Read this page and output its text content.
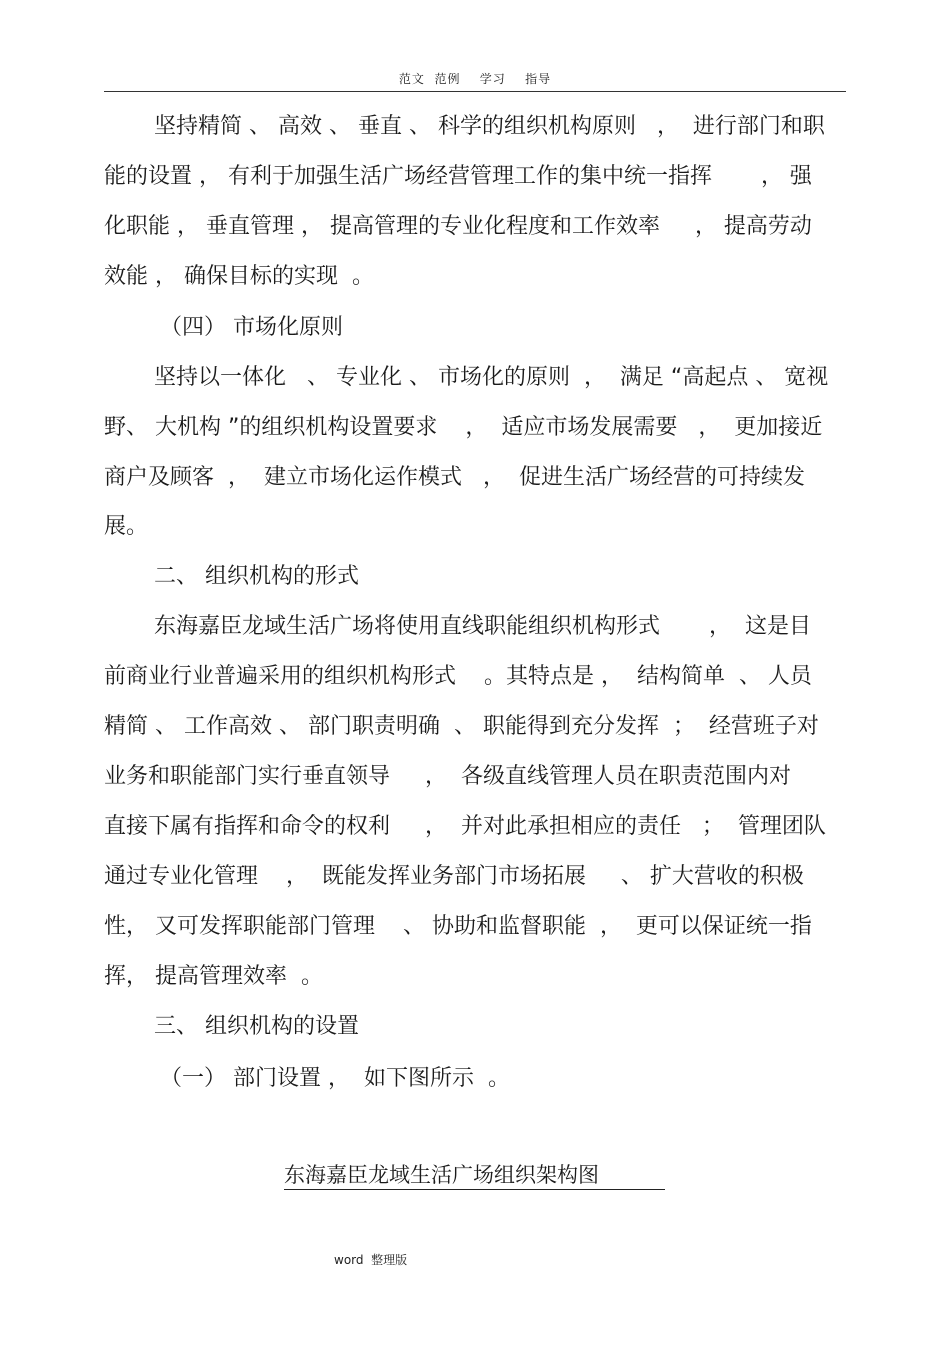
范文  范例    学习    指导
坚持精简 、 高效 、 垂直 、 科学的组织机构原则   ，  进行部门和职
能的设置 ， 有利于加强生活广场经营管理工作的集中统一指挥       ， 强
化职能 ， 垂直管理 ， 提高管理的专业化程度和工作效率     ， 提高劳动
效能 ， 确保目标的实现  。
（四） 市场化原则
坚持以一体化   、 专业化 、 市场化的原则  ，  满足 “高起点 、 宽视
野、 大机构 ”的组织机构设置要求    ，  适应市场发展需要   ，  更加接近
商户及顾客  ，  建立市场化运作模式   ，  促进生活广场经营的可持续发
展。
二、 组织机构的形式
东海嘉臣龙域生活广场将使用直线职能组织机构形式       ，  这是目
前商业行业普遍采用的组织机构形式    。其特点是 ，  结构简单  、 人员
精简 、 工作高效 、 部门职责明确  、 职能得到充分发挥  ；  经营班子对
业务和职能部门实行垂直领导     ，  各级直线管理人员在职责范围内对
直接下属有指挥和命令的权利     ，  并对此承担相应的责任   ；  管理团队
通过专业化管理    ，  既能发挥业务部门市场拓展     、 扩大营收的积极
性， 又可发挥职能部门管理    、 协助和监督职能  ，  更可以保证统一指
挥， 提高管理效率  。
三、 组织机构的设置
（一） 部门设置 ，  如下图所示  。
东海嘉臣龙域生活广场组织架构图
word  整理版
